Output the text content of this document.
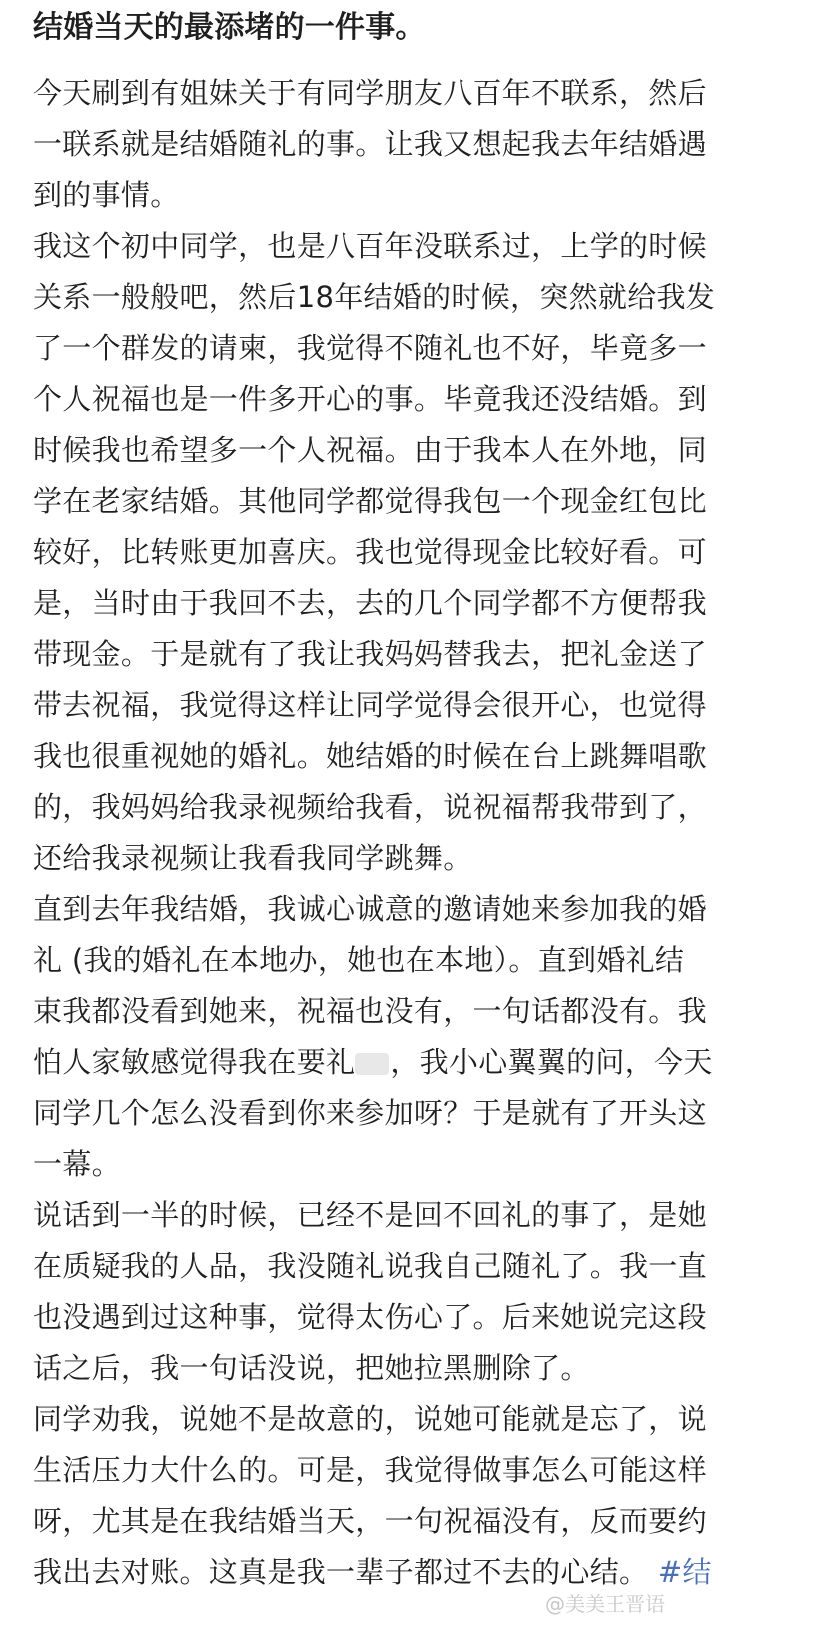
结婚当天的最添堵的一件事。

今天刷到有姐妹关于有同学朋友八百年不联系，然后
一联系就是结婚随礼的事。让我又想起我去年结婚遇
到的事情。

我这个初中同学，也是八百年没联系过，上学的时候
关系一般般吧，然后18年结婚的时候，突然就给我发
了一个群发的请柬，我觉得不随礼也不好，毕竟多一
个人祝福也是一件多开心的事。毕竟我还没结婚。到
时候我也希望多一个人祝福。由于我本人在外地，同
学在老家结婚。其他同学都觉得我包一个现金红包比
较好，比转账更加喜庆。我也觉得现金比较好看。可
是，当时由于我回不去，去的几个同学都不方便帮我
带现金。于是就有了我让我妈妈替我去，把礼金送了
带去祝福，我觉得这样让同学觉得会很开心，也觉得
我也很重视她的婚礼。她结婚的时候在台上跳舞唱歌
的，我妈妈给我录视频给我看，说祝福帮我带到了，
还给我录视频让我看我同学跳舞。

直到去年我结婚，我诚心诚意的邀请她来参加我的婚
礼 (我的婚礼在本地办，她也在本地）。直到婚礼结
束我都没看到她来，祝福也没有，一句话都没有。我
怕人家敏感觉得我在要礼 ，我小心翼翼的问，今天
同学几个怎么没看到你来参加呀？于是就有了开头这
一幕。

说话到一半的时候，已经不是回不回礼的事了，是她
在质疑我的人品，我没随礼说我自己随礼了。我一直
也没遇到过这种事，觉得太伤心了。后来她说完这段
话之后，我一句话没说，把她拉黑删除了。

同学劝我，说她不是故意的，说她可能就是忘了，说
生活压力大什么的。可是，我觉得做事怎么可能这样
呀，尤其是在我结婚当天，一句祝福没有，反而要约
我出去对账。这真是我一辈子都过不去的心结。 #结

@美美王晋语
